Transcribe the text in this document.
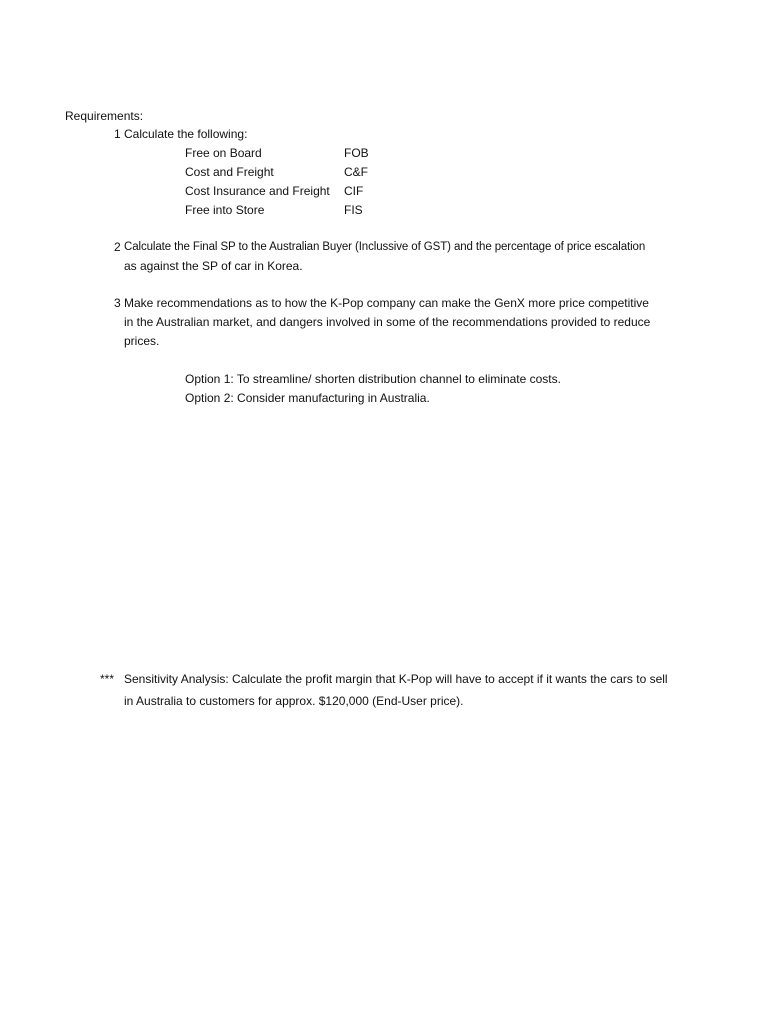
Requirements:
1 Calculate the following:
Free on Board	FOB
Cost and Freight	C&F
Cost Insurance and Freight CIF
Free into Store	FIS
2 Calculate the Final SP to the Australian Buyer (Inclussive of GST) and the percentage of price escalation
as against the SP of car in Korea.
3 Make recommendations as to how the K-Pop company can make the GenX more price competitive
in the Australian market, and dangers involved in some of the recommendations provided to reduce
prices.
Option 1: To streamline/ shorten distribution channel to eliminate costs.
Option 2: Consider manufacturing in Australia.
*** Sensitivity Analysis: Calculate the profit margin that K-Pop will have to accept if it wants the cars to sell
in Australia to customers for approx. $120,000 (End-User price).
